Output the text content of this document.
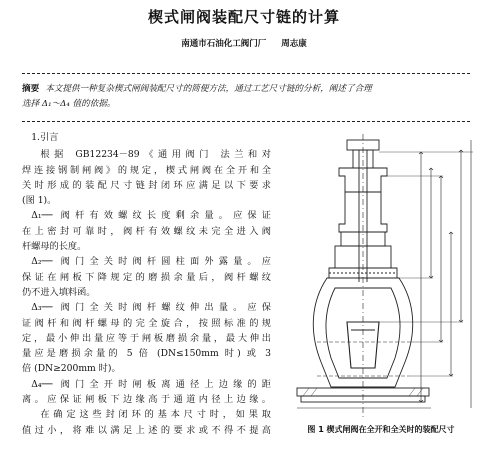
楔式闸阀装配尺寸链的计算
南通市石油化工阀门厂 周志康
摘要 本文提供一种复杂楔式闸阀装配尺寸的简便方法，通过工艺尺寸链的分析，阐述了合理
选择 Δ₁～Δ₄ 值的依据。
1.引言
根据 GB12234－89《通用阀门 法兰和对
焊连接钢制闸阀》的规定，楔式闸阀在全开和全
关时形成的装配尺寸链封闭环应满足以下要求
(图 1)。
Δ₁── 阀杆有效螺纹长度剩余量。应保证
在上密封可靠时，阀杆有效螺纹未完全进入阀
杆螺母的长度。
Δ₂── 阀门全关时阀杆圆柱面外露量。应
保证在闸板下降规定的磨损余量后，阀杆螺纹
仍不进入填料函。
Δ₃── 阀门全关时阀杆螺纹伸出量。应保
证阀杆和阀杆螺母的完全旋合，按照标准的规
定，最小伸出量应等于闸板磨损余量，最大伸出
量应是磨损余量的 5 倍 (DN≤150mm 时) 或 3
倍 (DN≥200mm 时)。
Δ₄── 阀门全开时闸板离通径上边缘的距
离。应保证闸板下边缘高于通道内径上边缘。
在确定这些封闭环的基本尺寸时，如果取
值过小，将难以满足上述的要求或不得不提高	图 1 楔式闸阀在全开和全关时的装配尺寸
